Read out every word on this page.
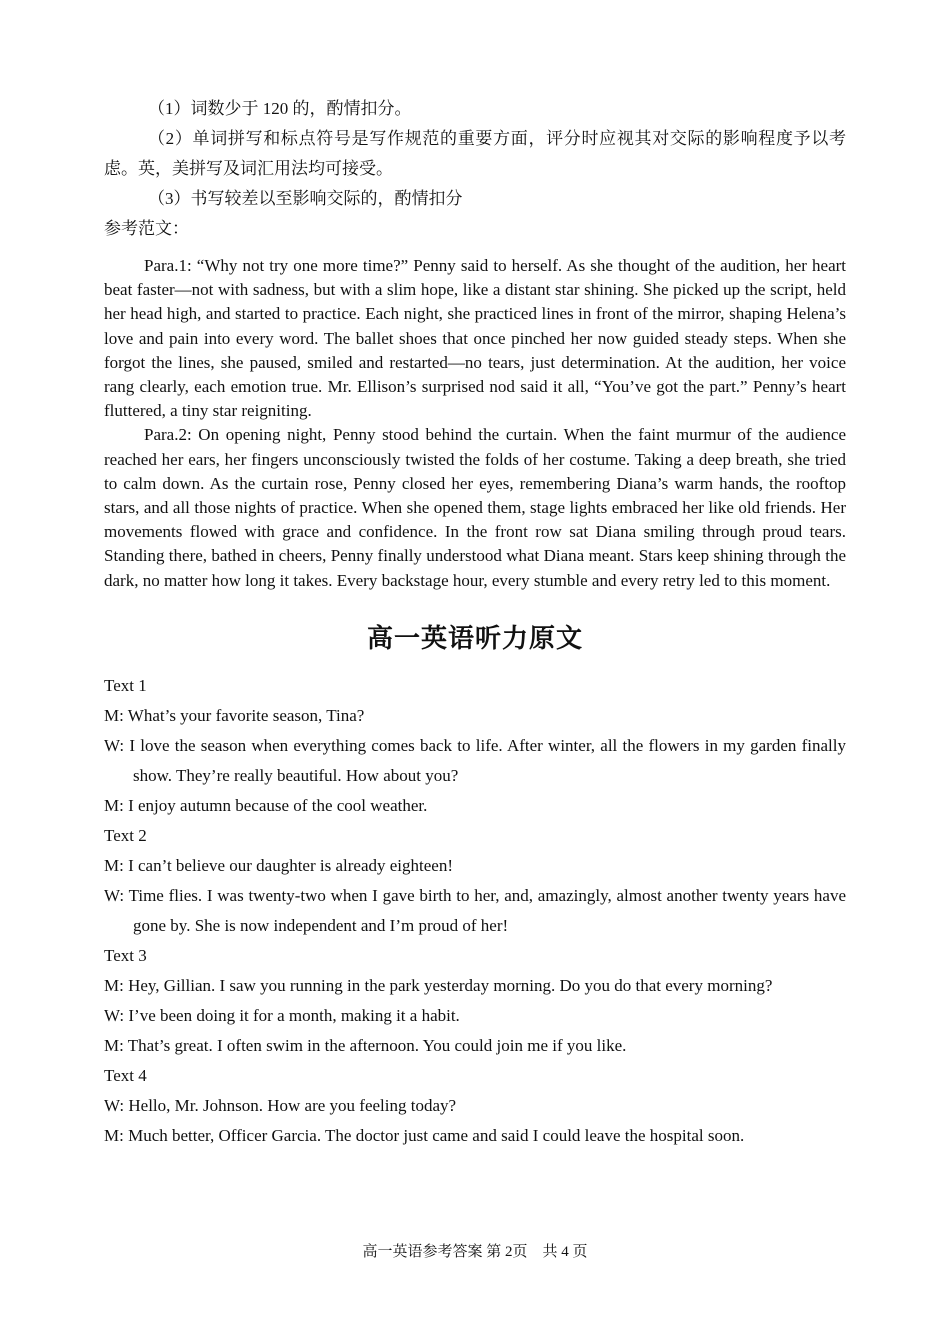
（1）词数少于 120 的，酌情扣分。

（2）单词拼写和标点符号是写作规范的重要方面，评分时应视其对交际的影响程度予以考虑。英，美拼写及词汇用法均可接受。

（3）书写较差以至影响交际的，酌情扣分

参考范文：

Para.1: “Why not try one more time?” Penny said to herself. As she thought of the audition, her heart beat faster—not with sadness, but with a slim hope, like a distant star shining. She picked up the script, held her head high, and started to practice. Each night, she practiced lines in front of the mirror, shaping Helena’s love and pain into every word. The ballet shoes that once pinched her now guided steady steps. When she forgot the lines, she paused, smiled and restarted—no tears, just determination. At the audition, her voice rang clearly, each emotion true. Mr. Ellison’s surprised nod said it all, “You’ve got the part.” Penny’s heart fluttered, a tiny star reigniting.

Para.2: On opening night, Penny stood behind the curtain. When the faint murmur of the audience reached her ears, her fingers unconsciously twisted the folds of her costume. Taking a deep breath, she tried to calm down. As the curtain rose, Penny closed her eyes, remembering Diana’s warm hands, the rooftop stars, and all those nights of practice. When she opened them, stage lights embraced her like old friends. Her movements flowed with grace and confidence. In the front row sat Diana smiling through proud tears. Standing there, bathed in cheers, Penny finally understood what Diana meant. Stars keep shining through the dark, no matter how long it takes. Every backstage hour, every stumble and every retry led to this moment.

高一英语听力原文

Text 1

M: What’s your favorite season, Tina?

W: I love the season when everything comes back to life. After winter, all the flowers in my garden finally show. They’re really beautiful. How about you?

M: I enjoy autumn because of the cool weather.

Text 2

M: I can’t believe our daughter is already eighteen!

W: Time flies. I was twenty-two when I gave birth to her, and, amazingly, almost another twenty years have gone by. She is now independent and I’m proud of her!

Text 3

M: Hey, Gillian. I saw you running in the park yesterday morning. Do you do that every morning?

W: I’ve been doing it for a month, making it a habit.

M: That’s great. I often swim in the afternoon. You could join me if you like.

Text 4

W: Hello, Mr. Johnson. How are you feeling today?

M: Much better, Officer Garcia. The doctor just came and said I could leave the hospital soon.

高一英语参考答案 第 2页　共 4 页
